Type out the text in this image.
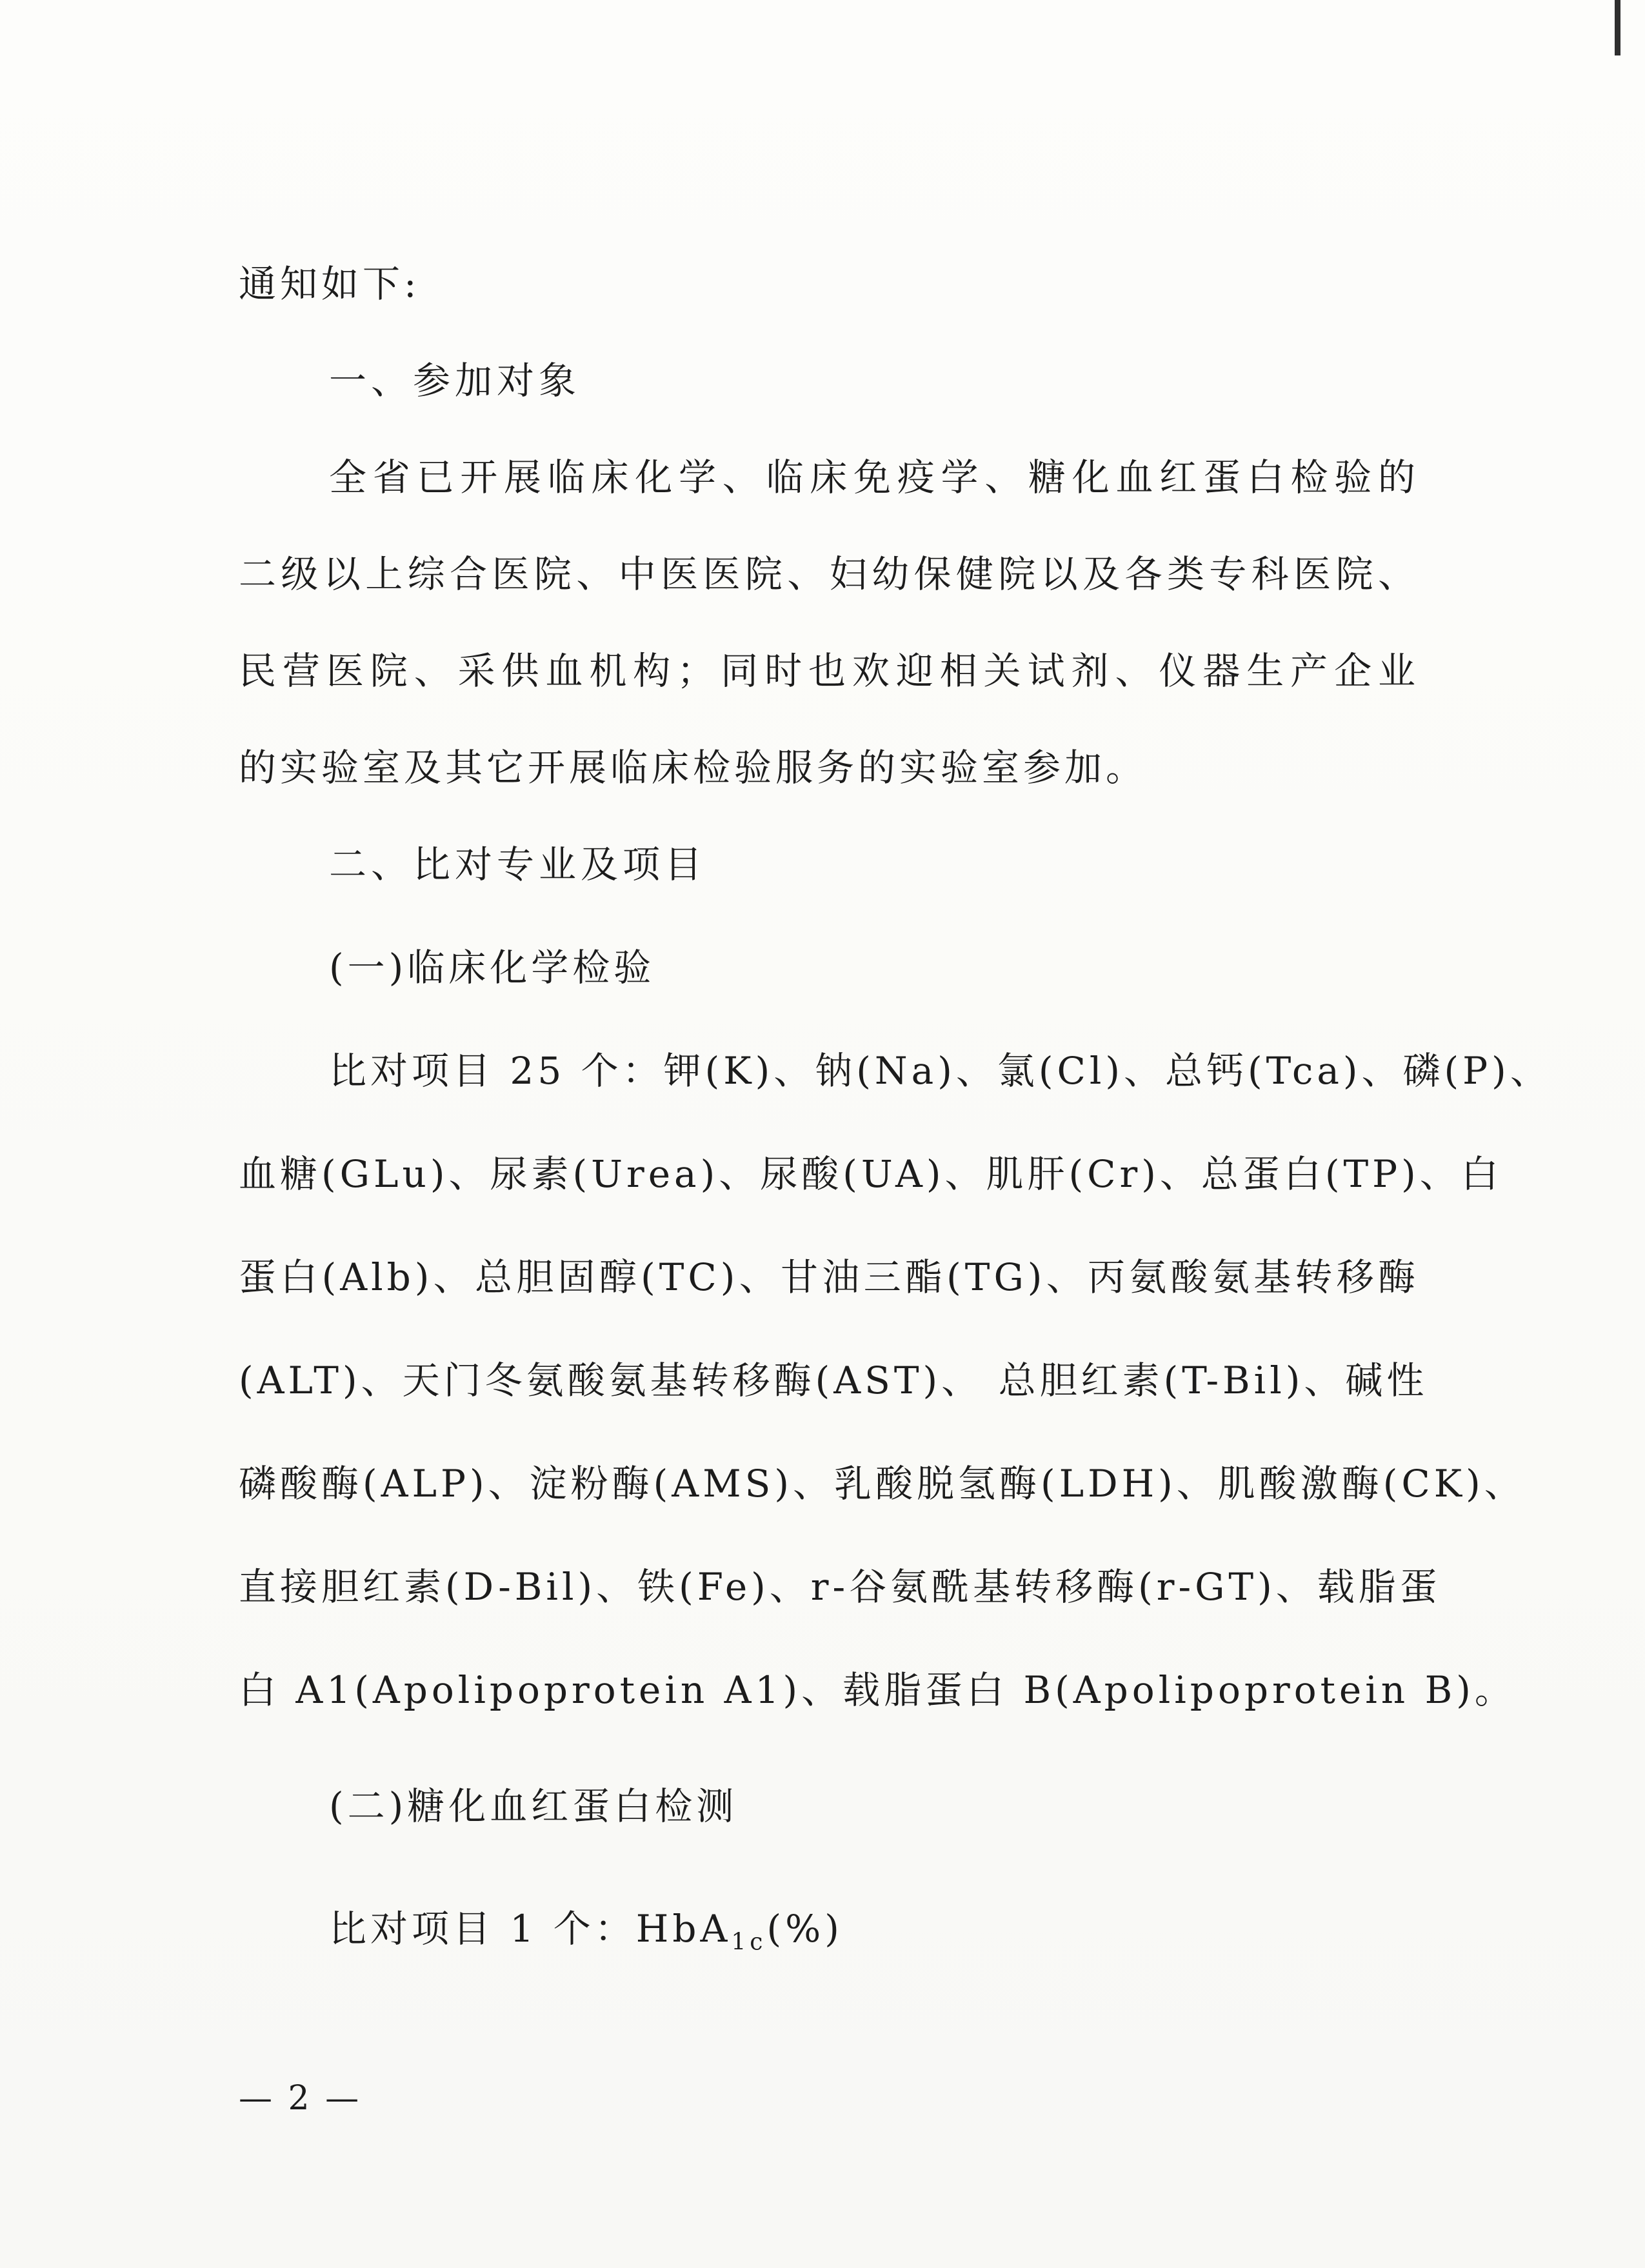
通知如下:
一、参加对象
全省已开展临床化学、临床免疫学、糖化血红蛋白检验的
二级以上综合医院、中医医院、妇幼保健院以及各类专科医院、
民营医院、采供血机构；同时也欢迎相关试剂、仪器生产企业
的实验室及其它开展临床检验服务的实验室参加。
二、比对专业及项目
(一)临床化学检验
比对项目 25 个：钾(K)、钠(Na)、氯(Cl)、总钙(Tca)、磷(P)、
血糖(GLu)、尿素(Urea)、尿酸(UA)、肌肝(Cr)、总蛋白(TP)、白
蛋白(Alb)、总胆固醇(TC)、甘油三酯(TG)、丙氨酸氨基转移酶
(ALT)、天门冬氨酸氨基转移酶(AST)、 总胆红素(T-Bil)、碱性
磷酸酶(ALP)、淀粉酶(AMS)、乳酸脱氢酶(LDH)、肌酸激酶(CK)、
直接胆红素(D-Bil)、铁(Fe)、r-谷氨酰基转移酶(r-GT)、载脂蛋
白 A1(Apolipoprotein A1)、载脂蛋白 B(Apolipoprotein B)。
(二)糖化血红蛋白检测
比对项目 1 个：HbA$_{1c}$(%)
— 2 —
